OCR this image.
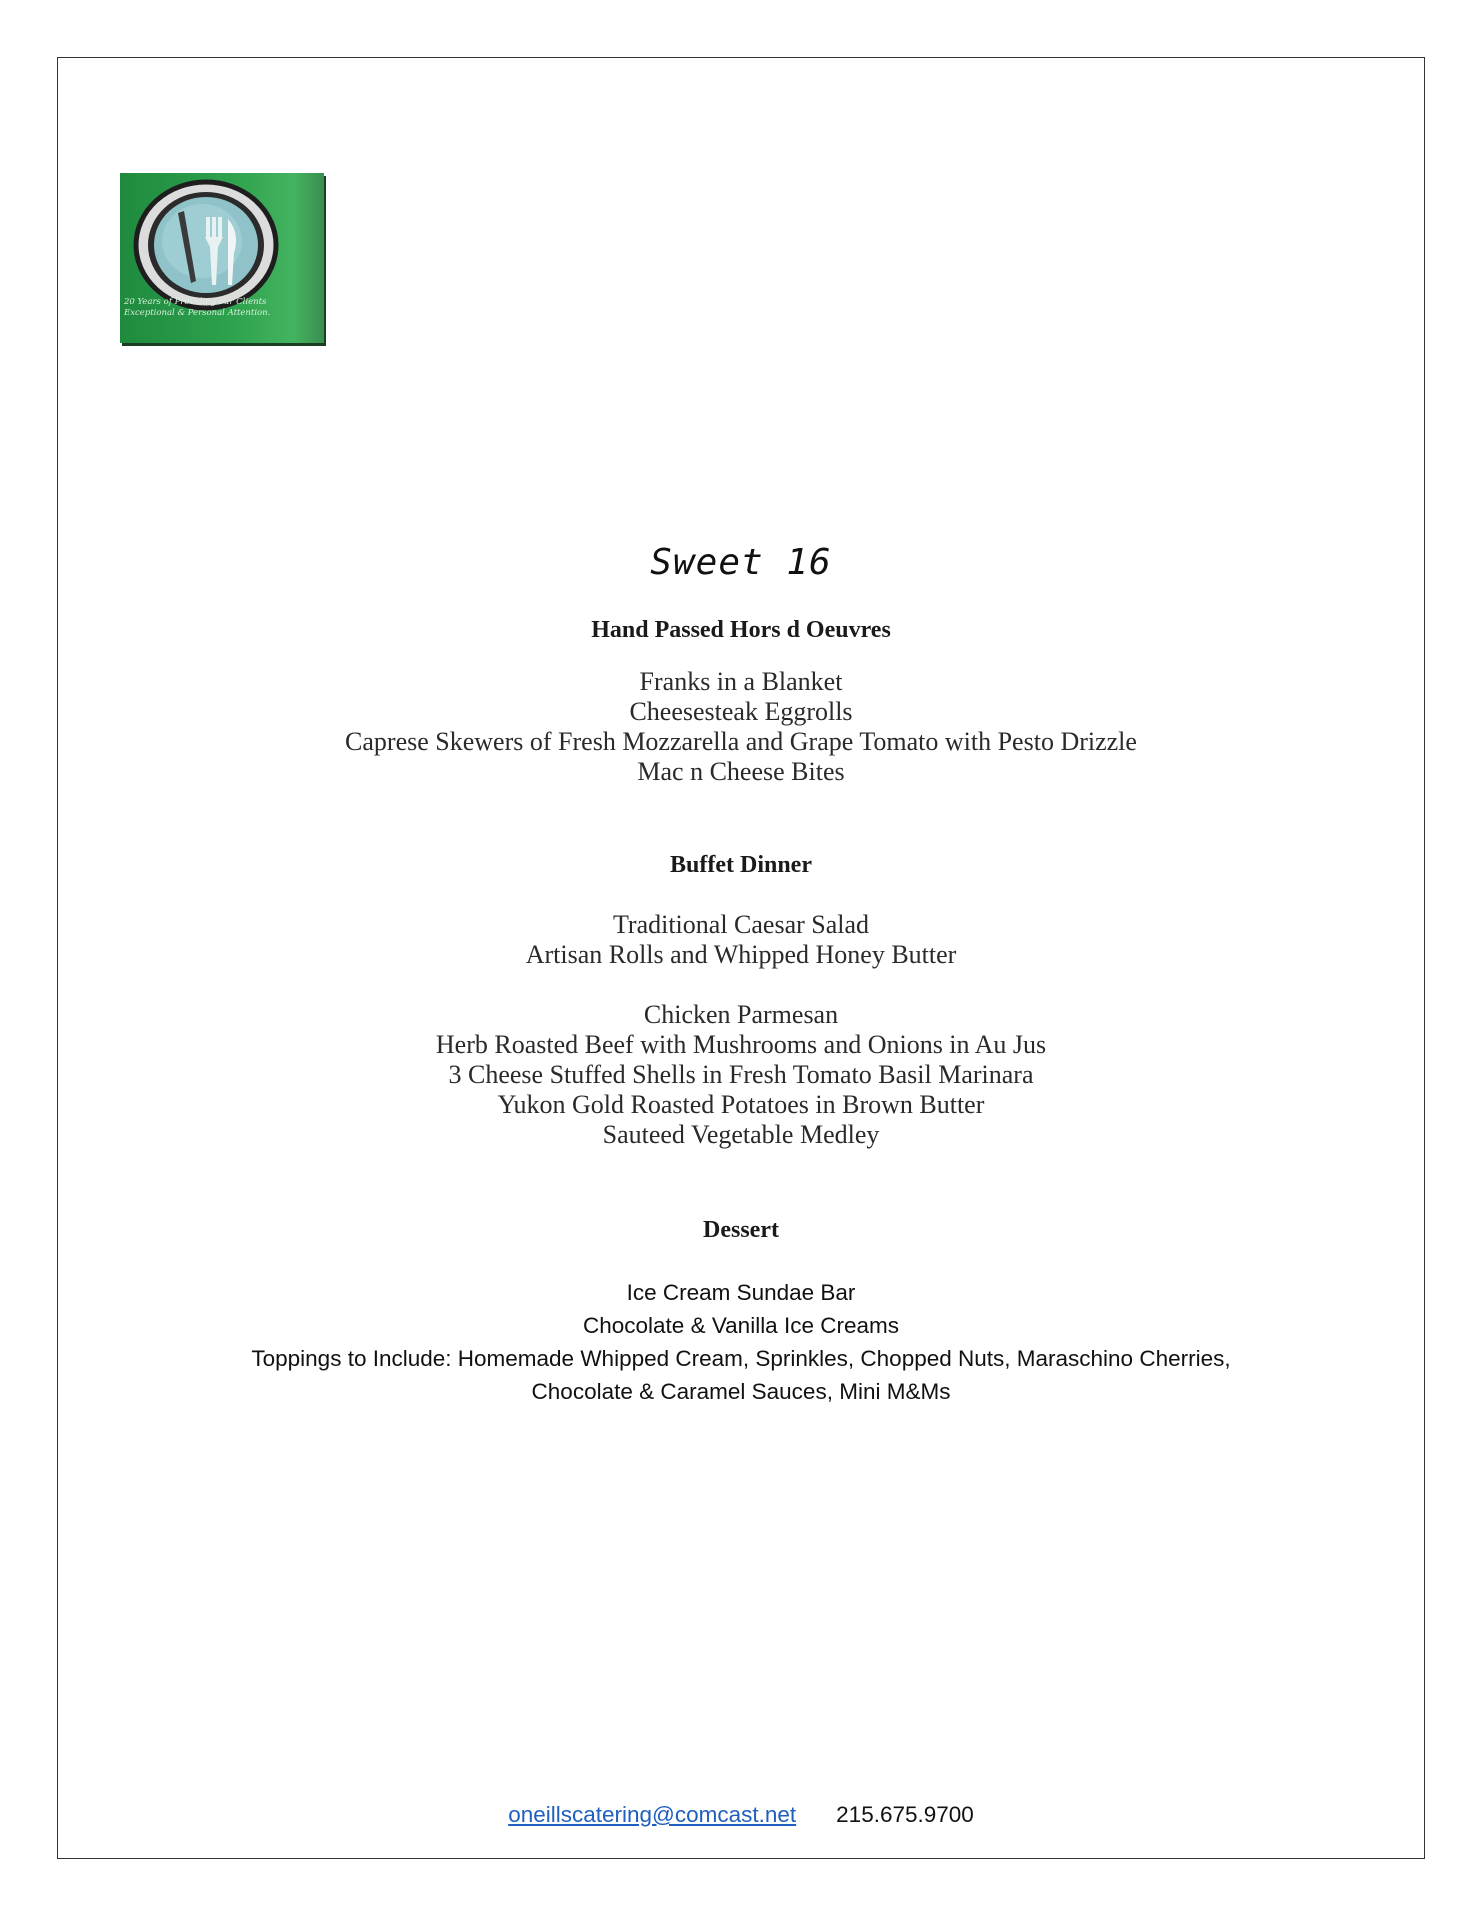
20 Years of Providing our Clients
Exceptional & Personal Attention.
Sweet 16
Hand Passed Hors d Oeuvres
Franks in a Blanket
Cheesesteak Eggrolls
Caprese Skewers of Fresh Mozzarella and Grape Tomato with Pesto Drizzle
Mac n Cheese Bites
Buffet Dinner
Traditional Caesar Salad
Artisan Rolls and Whipped Honey Butter
Chicken Parmesan
Herb Roasted Beef with Mushrooms and Onions in Au Jus
3 Cheese Stuffed Shells in Fresh Tomato Basil Marinara
Yukon Gold Roasted Potatoes in Brown Butter
Sauteed Vegetable Medley
Dessert
Ice Cream Sundae Bar
Chocolate & Vanilla Ice Creams
Toppings to Include: Homemade Whipped Cream, Sprinkles, Chopped Nuts, Maraschino Cherries,
Chocolate & Caramel Sauces, Mini M&Ms
oneillscatering@comcast.net 215.675.9700
